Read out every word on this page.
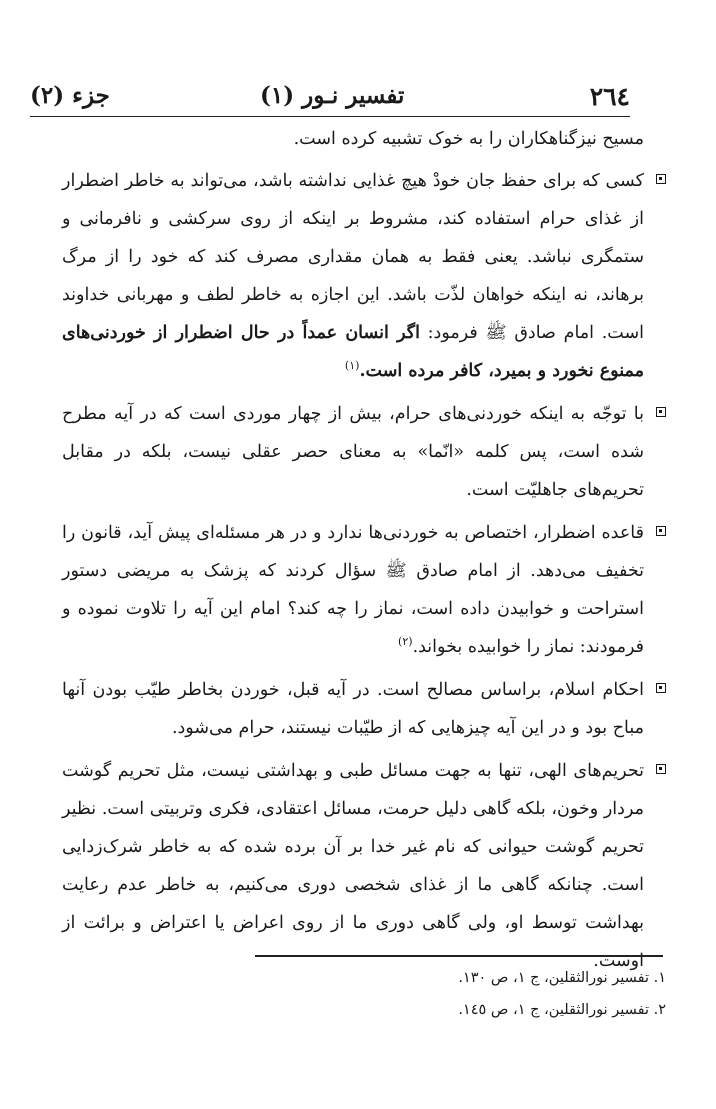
۲٦٤
تفسیر نـور (۱)
جزء (۲)

مسیح نیزگناهکاران را به خوک تشبیه کرده است.

کسی که برای حفظ جان خودْ هیچ غذایی نداشته باشد، می‌تواند به خاطر اضطرار از غذای حرام استفاده کند، مشروط بر اینکه از روی سرکشی و نافرمانی و ستمگری نباشد. یعنی فقط به همان مقداری مصرف کند که خود را از مرگ برهاند، نه اینکه خواهان لذّت باشد. این اجازه به خاطر لطف و مهربانی خداوند است. امام صادق ﷺ فرمود: اگر انسان عمداً در حال اضطرار از خوردنی‌های ممنوع نخورد و بمیرد، کافر مرده است.$^{(۱)}$

با توجّه به اینکه خوردنی‌های حرام، بیش از چهار موردی است که در آیه مطرح شده است، پس کلمه «انّما» به معنای حصر عقلی نیست، بلکه در مقابل تحریم‌های جاهلیّت است.

قاعده اضطرار، اختصاص به خوردنی‌ها ندارد و در هر مسئله‌ای پیش آید، قانون را تخفیف می‌دهد. از امام صادق ﷺ سؤال کردند که پزشک به مریضی دستور استراحت و خوابیدن داده است، نماز را چه کند؟ امام این آیه را تلاوت نموده و فرمودند: نماز را خوابیده بخواند.$^{(۲)}$

احکام اسلام، براساس مصالح است. در آیه قبل، خوردن بخاطر طیّب بودن آنها مباح بود و در این آیه چیزهایی که از طیّبات نیستند، حرام می‌شود.

تحریم‌های الهی، تنها به جهت مسائل طبی و بهداشتی نیست، مثل تحریم گوشت مردار وخون، بلکه گاهی دلیل حرمت، مسائل اعتقادی، فکری وتربیتی است. نظیر تحریم گوشت حیوانی که نام غیر خدا بر آن برده شده که به خاطر شرک‌زدایی است. چنانکه گاهی ما از غذای شخصی دوری می‌کنیم، به خاطر عدم رعایت بهداشت توسط او، ولی گاهی دوری ما از روی اعراض یا اعتراض و برائت از اوست.

۱. تفسیر نورالثقلین، ج ۱، ص ۱۳۰.

۲. تفسیر نورالثقلین، ج ۱، ص ۱٤٥.
